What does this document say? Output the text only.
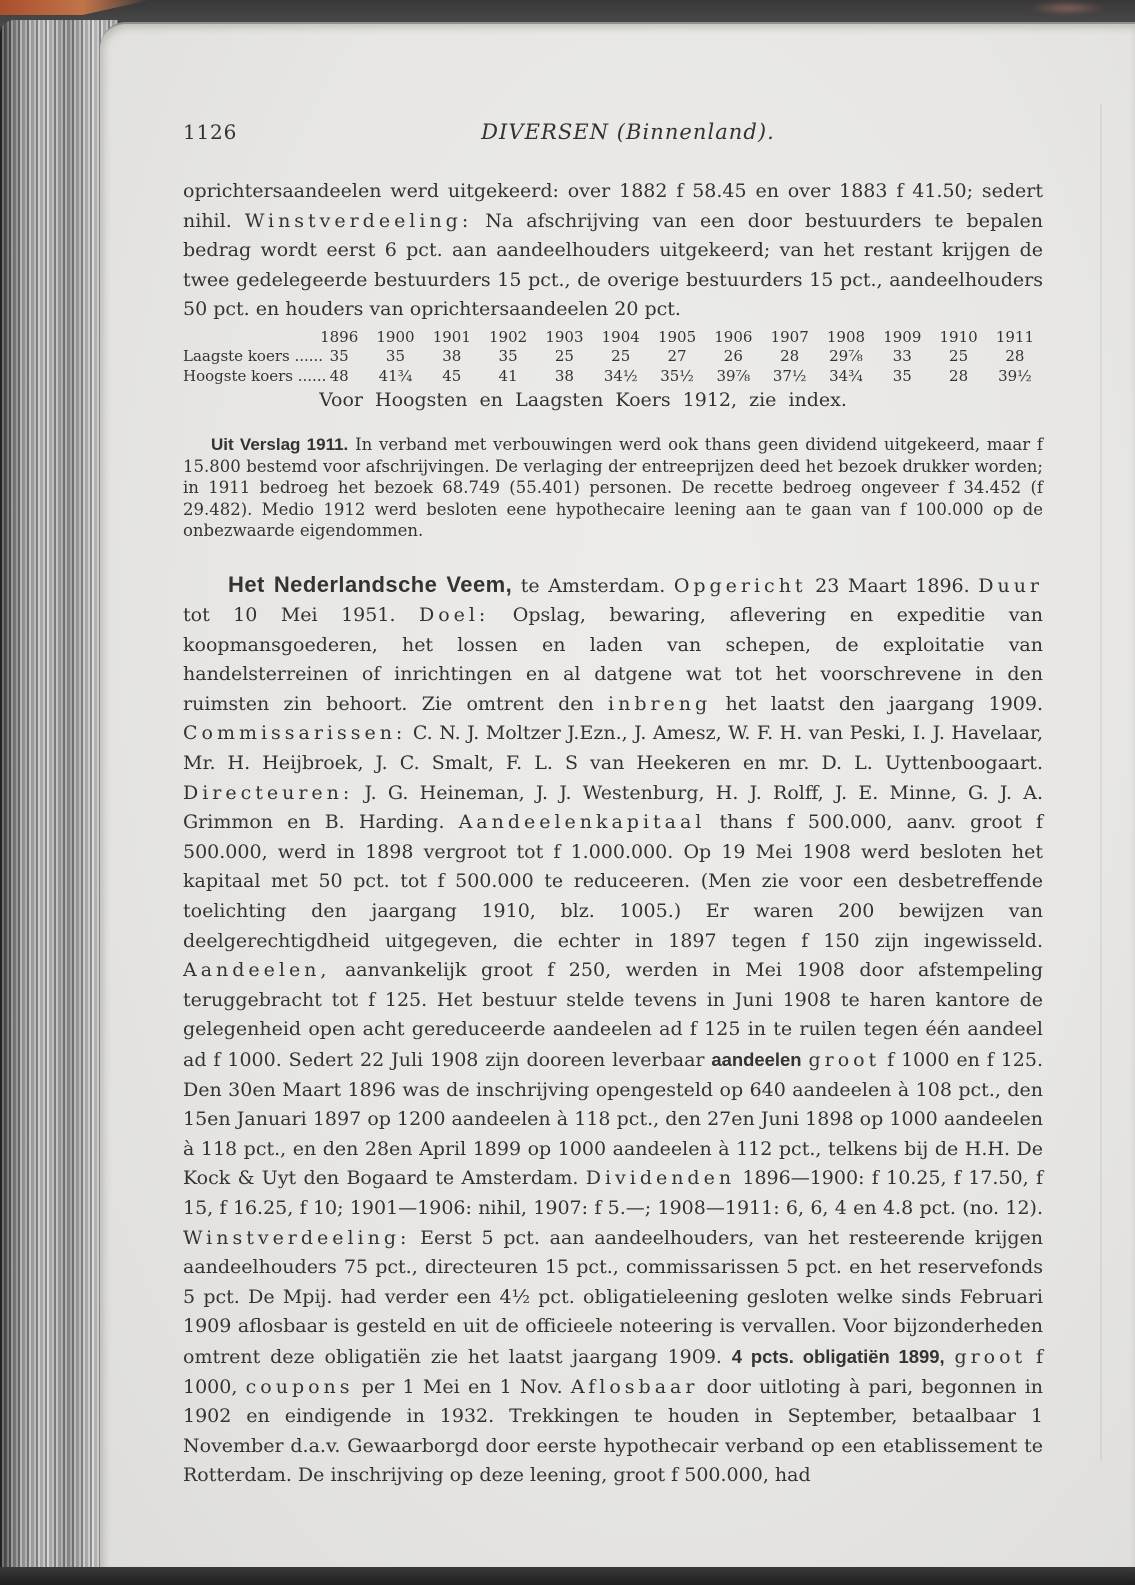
1126	DIVERSEN (Binnenland).

oprichtersaandeelen werd uitgekeerd: over 1882 f 58.45 en over 1883 f 41.50; sedert nihil. Winstverdeeling: Na afschrijving van een door bestuurders te bepalen bedrag wordt eerst 6 pct. aan aandeelhouders uitgekeerd; van het restant krijgen de twee gedelegeerde bestuurders 15 pct., de overige bestuurders 15 pct., aandeelhouders 50 pct. en houders van oprichtersaandeelen 20 pct.

1896	1900	1901	1902	1903	1904	1905	1906	1907	1908	1909	1910	1911
Laagste koers ...... 35	35	38	35	25	25	27	26	28	29⅞	33	25	28
Hoogste koers ...... 48	41¾	45	41	38	34½	35½	39⅞	37½	34¾	35	28	39½

Voor Hoogsten en Laagsten Koers 1912, zie index.

Uit Verslag 1911. In verband met verbouwingen werd ook thans geen dividend uitgekeerd, maar f 15.800 bestemd voor afschrijvingen. De verlaging der entreeprijzen deed het bezoek drukker worden; in 1911 bedroeg het bezoek 68.749 (55.401) personen. De recette bedroeg ongeveer f 34.452 (f 29.482). Medio 1912 werd besloten eene hypothecaire leening aan te gaan van f 100.000 op de onbezwaarde eigendommen.

Het Nederlandsche Veem, te Amsterdam. Opgericht 23 Maart 1896. Duur tot 10 Mei 1951. Doel: Opslag, bewaring, aflevering en expeditie van koopmansgoederen, het lossen en laden van schepen, de exploitatie van handelsterreinen of inrichtingen en al datgene wat tot het voorschrevene in den ruimsten zin behoort. Zie omtrent den inbreng het laatst den jaargang 1909. Commissarissen: C. N. J. Moltzer J.Ezn., J. Amesz, W. F. H. van Peski, I. J. Havelaar, Mr. H. Heijbroek, J. C. Smalt, F. L. S van Heekeren en mr. D. L. Uyttenboogaart. Directeuren: J. G. Heineman, J. J. Westenburg, H. J. Rolff, J. E. Minne, G. J. A. Grimmon en B. Harding. Aandeelenkapitaal thans f 500.000, aanv. groot f 500.000, werd in 1898 vergroot tot f 1.000.000. Op 19 Mei 1908 werd besloten het kapitaal met 50 pct. tot f 500.000 te reduceeren. (Men zie voor een desbetreffende toelichting den jaargang 1910, blz. 1005.) Er waren 200 bewijzen van deelgerechtigdheid uitgegeven, die echter in 1897 tegen f 150 zijn ingewisseld. Aandeelen, aanvankelijk groot f 250, werden in Mei 1908 door afstempeling teruggebracht tot f 125. Het bestuur stelde tevens in Juni 1908 te haren kantore de gelegenheid open acht gereduceerde aandeelen ad f 125 in te ruilen tegen één aandeel ad f 1000. Sedert 22 Juli 1908 zijn dooreen leverbaar aandeelen groot f 1000 en f 125. Den 30en Maart 1896 was de inschrijving opengesteld op 640 aandeelen à 108 pct., den 15en Januari 1897 op 1200 aandeelen à 118 pct., den 27en Juni 1898 op 1000 aandeelen à 118 pct., en den 28en April 1899 op 1000 aandeelen à 112 pct., telkens bij de H.H. De Kock & Uyt den Bogaard te Amsterdam. Dividenden 1896—1900: f 10.25, f 17.50, f 15, f 16.25, f 10; 1901—1906: nihil, 1907: f 5.—; 1908—1911: 6, 6, 4 en 4.8 pct. (no. 12). Winstverdeeling: Eerst 5 pct. aan aandeelhouders, van het resteerende krijgen aandeelhouders 75 pct., directeuren 15 pct., commissarissen 5 pct. en het reservefonds 5 pct. De Mpij. had verder een 4½ pct. obligatieleening gesloten welke sinds Februari 1909 aflosbaar is gesteld en uit de officieele noteering is vervallen. Voor bijzonderheden omtrent deze obligatiën zie het laatst jaargang 1909. 4 pcts. obligatiën 1899, groot f 1000, coupons per 1 Mei en 1 Nov. Aflosbaar door uitloting à pari, begonnen in 1902 en eindigende in 1932. Trekkingen te houden in September, betaalbaar 1 November d.a.v. Gewaarborgd door eerste hypothecair verband op een etablissement te Rotterdam. De inschrijving op deze leening, groot f 500.000, had
